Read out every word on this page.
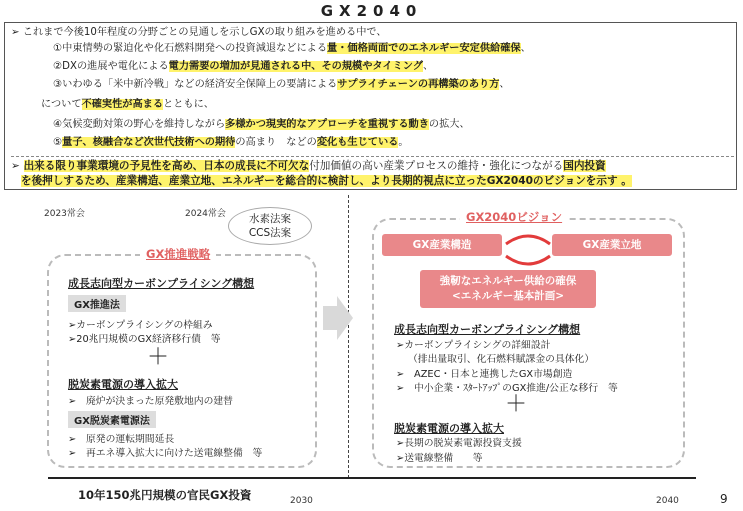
GX2040
➢ これまで今後10年程度の分野ごとの見通しを示しGXの取り組みを進める中で、
①中東情勢の緊迫化や化石燃料開発への投資減退などによる量・価格両面でのエネルギー安定供給確保、
②DXの進展や電化による電力需要の増加が見通される中、その規模やタイミング、
③いわゆる「米中新冷戦」などの経済安全保障上の要請によるサプライチェーンの再構築のあり方、
について不確実性が高まるとともに、
④気候変動対策の野心を維持しながら多様かつ現実的なアプローチを重視する動きの拡大、
⑤量子、核融合など次世代技術への期待の高まり　などの変化も生じている。
➢ 出来る限り事業環境の予見性を高め、日本の成長に不可欠な付加価値の高い産業プロセスの維持・強化につながる国内投資
を後押しするため、産業構造、産業立地、エネルギーを総合的に検討し、より長期的視点に立ったGX2040のビジョンを示す 。
2023常会	2024常会	水素法案
CCS法案
GX推進戦略
成長志向型カーボンプライシング構想
GX推進法
➢カーボンプライシングの枠組み
➢20兆円規模のGX経済移行債　等
＋
脱炭素電源の導入拡大
➢　廃炉が決まった原発敷地内の建替
GX脱炭素電源法
➢　原発の運転期間延長
➢　再エネ導入拡大に向けた送電線整備　等
GX2040ビジョン
GX産業構造	GX産業立地
強靭なエネルギー供給の確保
<エネルギー基本計画>
成長志向型カーボンプライシング構想
➢カーボンプライシングの詳細設計
（排出量取引、化石燃料賦課金の具体化）
➢　AZEC・日本と連携したGX市場創造
➢　中小企業・ｽﾀｰﾄｱｯﾌﾟのGX推進/公正な移行　等
＋
脱炭素電源の導入拡大
➢長期の脱炭素電源投資支援
➢送電線整備　　等
10年150兆円規模の官民GX投資	2030	2040	9
